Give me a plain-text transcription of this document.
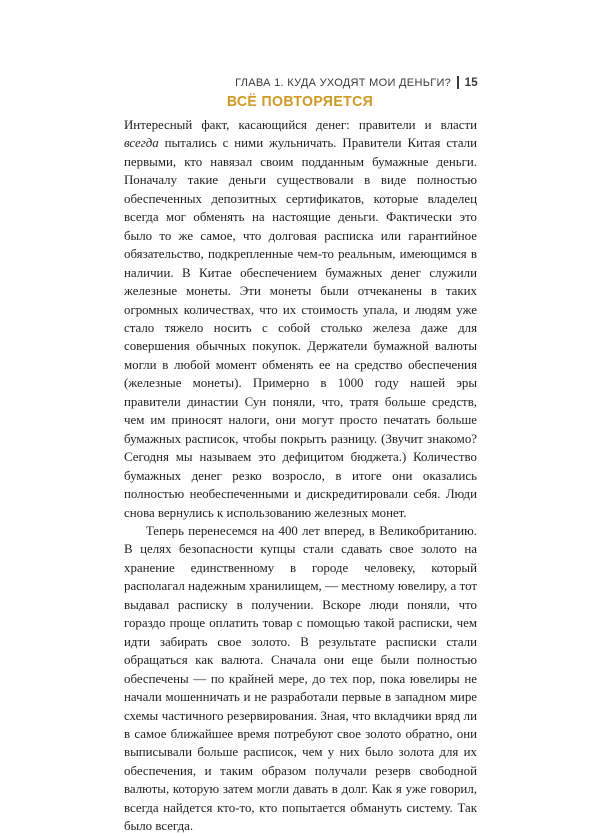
ГЛАВА 1. КУДА УХОДЯТ МОИ ДЕНЬГИ? 15
ВСЁ ПОВТОРЯЕТСЯ

Интересный факт, касающийся денег: правители и власти всегда пытались с ними жульничать. Правители Китая стали первыми, кто навязал своим подданным бумажные деньги. Поначалу такие деньги существовали в виде полностью обеспеченных депозитных сертификатов, которые владелец всегда мог обменять на настоящие деньги. Фактически это было то же самое, что долговая расписка или гарантийное обязательство, подкрепленные чем-то реальным, имеющимся в наличии. В Китае обеспечением бумажных денег служили железные монеты. Эти монеты были отчеканены в таких огромных количествах, что их стоимость упала, и людям уже стало тяжело носить с собой столько железа даже для совершения обычных покупок. Держатели бумажной валюты могли в любой момент обменять ее на средство обеспечения (железные монеты). Примерно в 1000 году нашей эры правители династии Сун поняли, что, тратя больше средств, чем им приносят налоги, они могут просто печатать больше бумажных расписок, чтобы покрыть разницу. (Звучит знакомо? Сегодня мы называем это дефицитом бюджета.) Количество бумажных денег резко возросло, в итоге они оказались полностью необеспеченными и дискредитировали себя. Люди снова вернулись к использованию железных монет.

Теперь перенесемся на 400 лет вперед, в Великобританию. В целях безопасности купцы стали сдавать свое золото на хранение единственному в городе человеку, который располагал надежным хранилищем, — местному ювелиру, а тот выдавал расписку в получении. Вскоре люди поняли, что гораздо проще оплатить товар с помощью такой расписки, чем идти забирать свое золото. В результате расписки стали обращаться как валюта. Сначала они еще были полностью обеспечены — по крайней мере, до тех пор, пока ювелиры не начали мошенничать и не разработали первые в западном мире схемы частичного резервирования. Зная, что вкладчики вряд ли в самое ближайшее время потребуют свое золото обратно, они выписывали больше расписок, чем у них было золота для их обеспечения, и таким образом получали резерв свободной валюты, которую затем могли давать в долг. Как я уже говорил, всегда найдется кто-то, кто попытается обмануть систему. Так было всегда.
